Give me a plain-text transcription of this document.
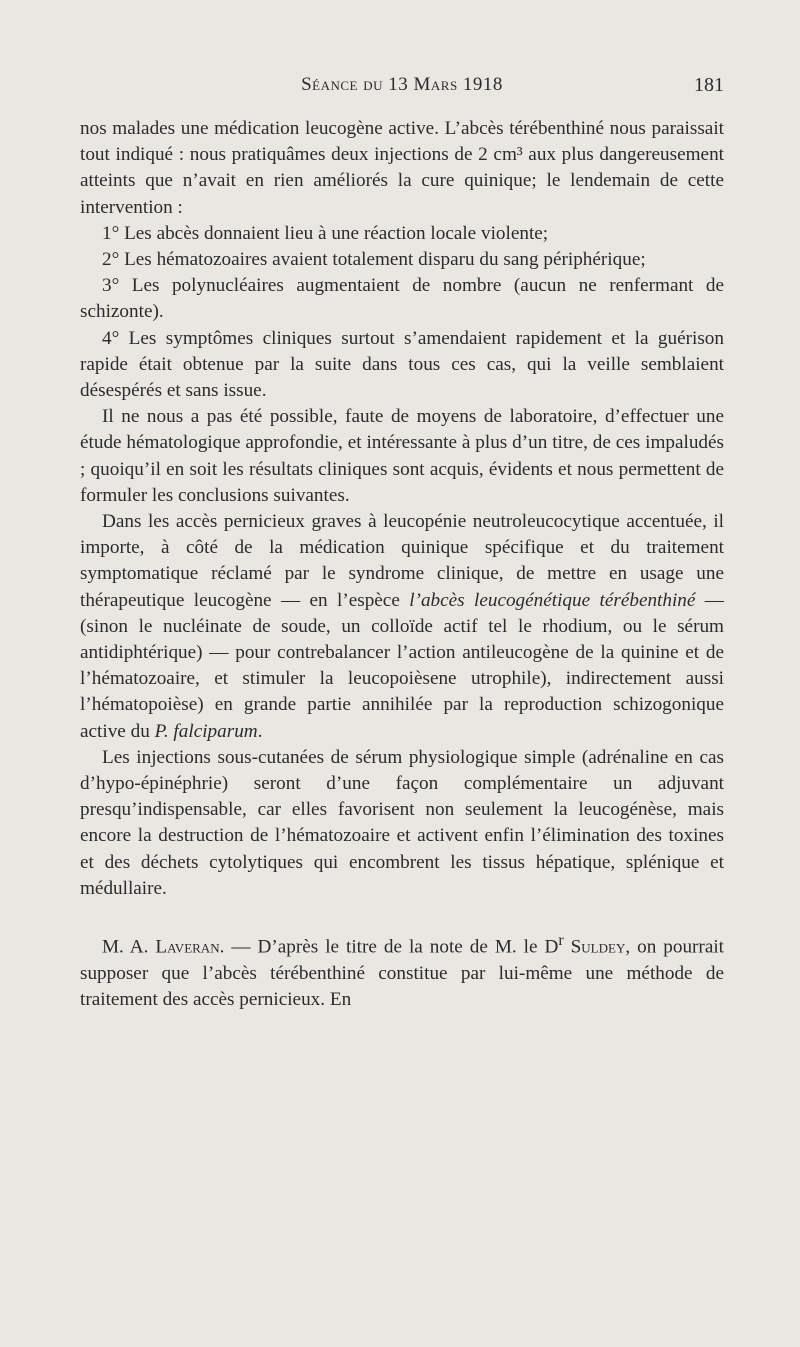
Séance du 13 Mars 1918	181

nos malades une médication leucogène active. L’abcès térébenthiné nous paraissait tout indiqué : nous pratiquâmes deux injections de 2 cm³ aux plus dangereusement atteints que n’avait en rien améliorés la cure quinique; le lendemain de cette intervention :

1° Les abcès donnaient lieu à une réaction locale violente;

2° Les hématozoaires avaient totalement disparu du sang périphérique;

3° Les polynucléaires augmentaient de nombre (aucun ne renfermant de schizonte).

4° Les symptômes cliniques surtout s’amendaient rapidement et la guérison rapide était obtenue par la suite dans tous ces cas, qui la veille semblaient désespérés et sans issue.

Il ne nous a pas été possible, faute de moyens de laboratoire, d’effectuer une étude hématologique approfondie, et intéressante à plus d’un titre, de ces impaludés ; quoiqu’il en soit les résultats cliniques sont acquis, évidents et nous permettent de formuler les conclusions suivantes.

Dans les accès pernicieux graves à leucopénie neutroleucocytique accentuée, il importe, à côté de la médication quinique spécifique et du traitement symptomatique réclamé par le syndrome clinique, de mettre en usage une thérapeutique leucogène — en l’espèce l’abcès leucogénétique térébenthiné — (sinon le nucléinate de soude, un colloïde actif tel le rhodium, ou le sérum antidiphtérique) — pour contrebalancer l’action antileucogène de la quinine et de l’hématozoaire, et stimuler la leucopoièsene utrophile), indirectement aussi l’hématopoièse) en grande partie annihilée par la reproduction schizogonique active du P. falciparum.

Les injections sous-cutanées de sérum physiologique simple (adrénaline en cas d’hypo-épinéphrie) seront d’une façon complémentaire un adjuvant presqu’indispensable, car elles favorisent non seulement la leucogénèse, mais encore la destruction de l’hématozoaire et activent enfin l’élimination des toxines et des déchets cytolytiques qui encombrent les tissus hépatique, splénique et médullaire.

M. A. Laveran. — D’après le titre de la note de M. le $D^r$ Suldey, on pourrait supposer que l’abcès térébenthiné constitue par lui-même une méthode de traitement des accès pernicieux. En
